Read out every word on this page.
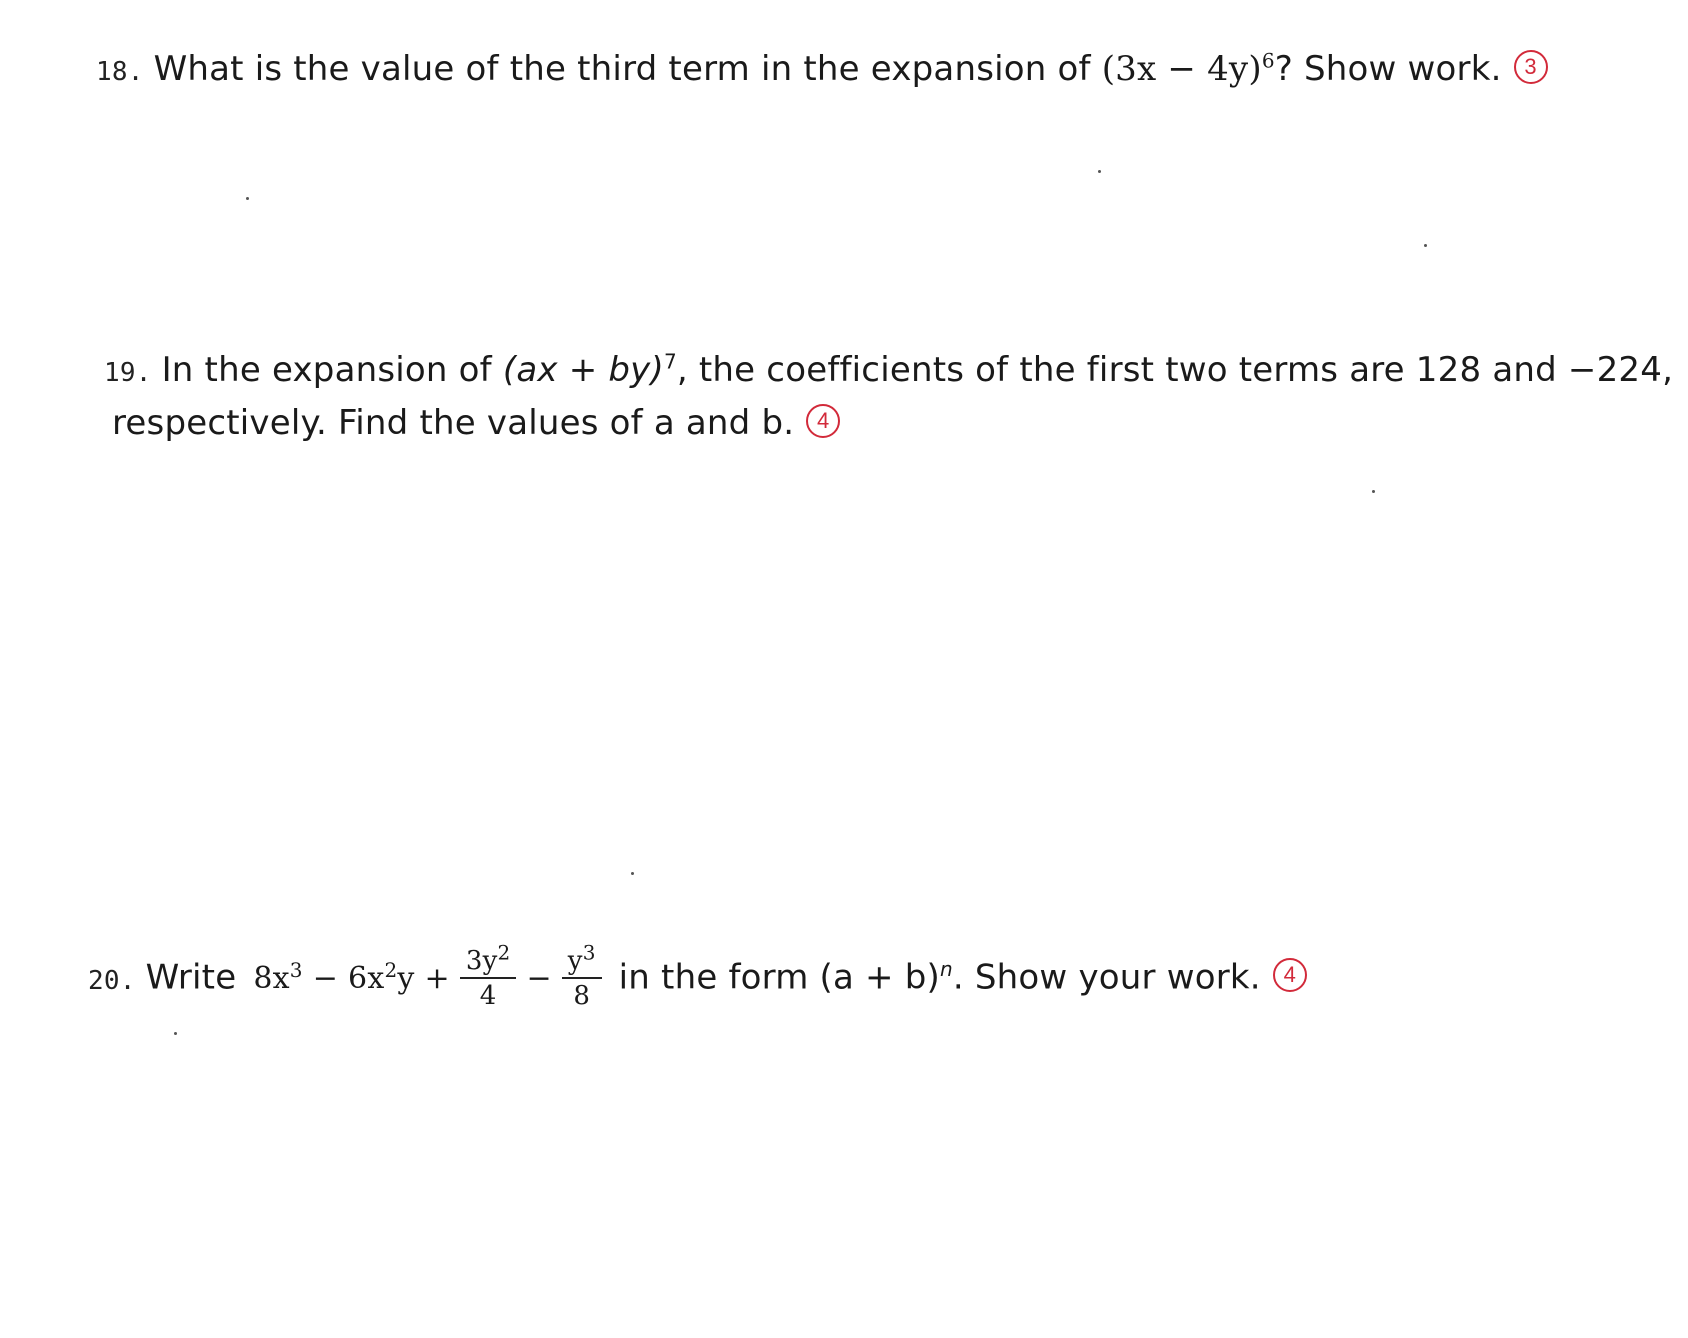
18. What is the value of the third term in the expansion of $(3x - 4y)^6$? Show work. 3
19. In the expansion of (ax + by)$^7$, the coefficients of the first two terms are 128 and −224,
respectively. Find the values of a and b. 4
20. Write $8x^3 - 6x^2y + \frac{3y^2}{4} - \frac{y^3}{8}$ in the form $(a + b)^n$. Show your work. 4
